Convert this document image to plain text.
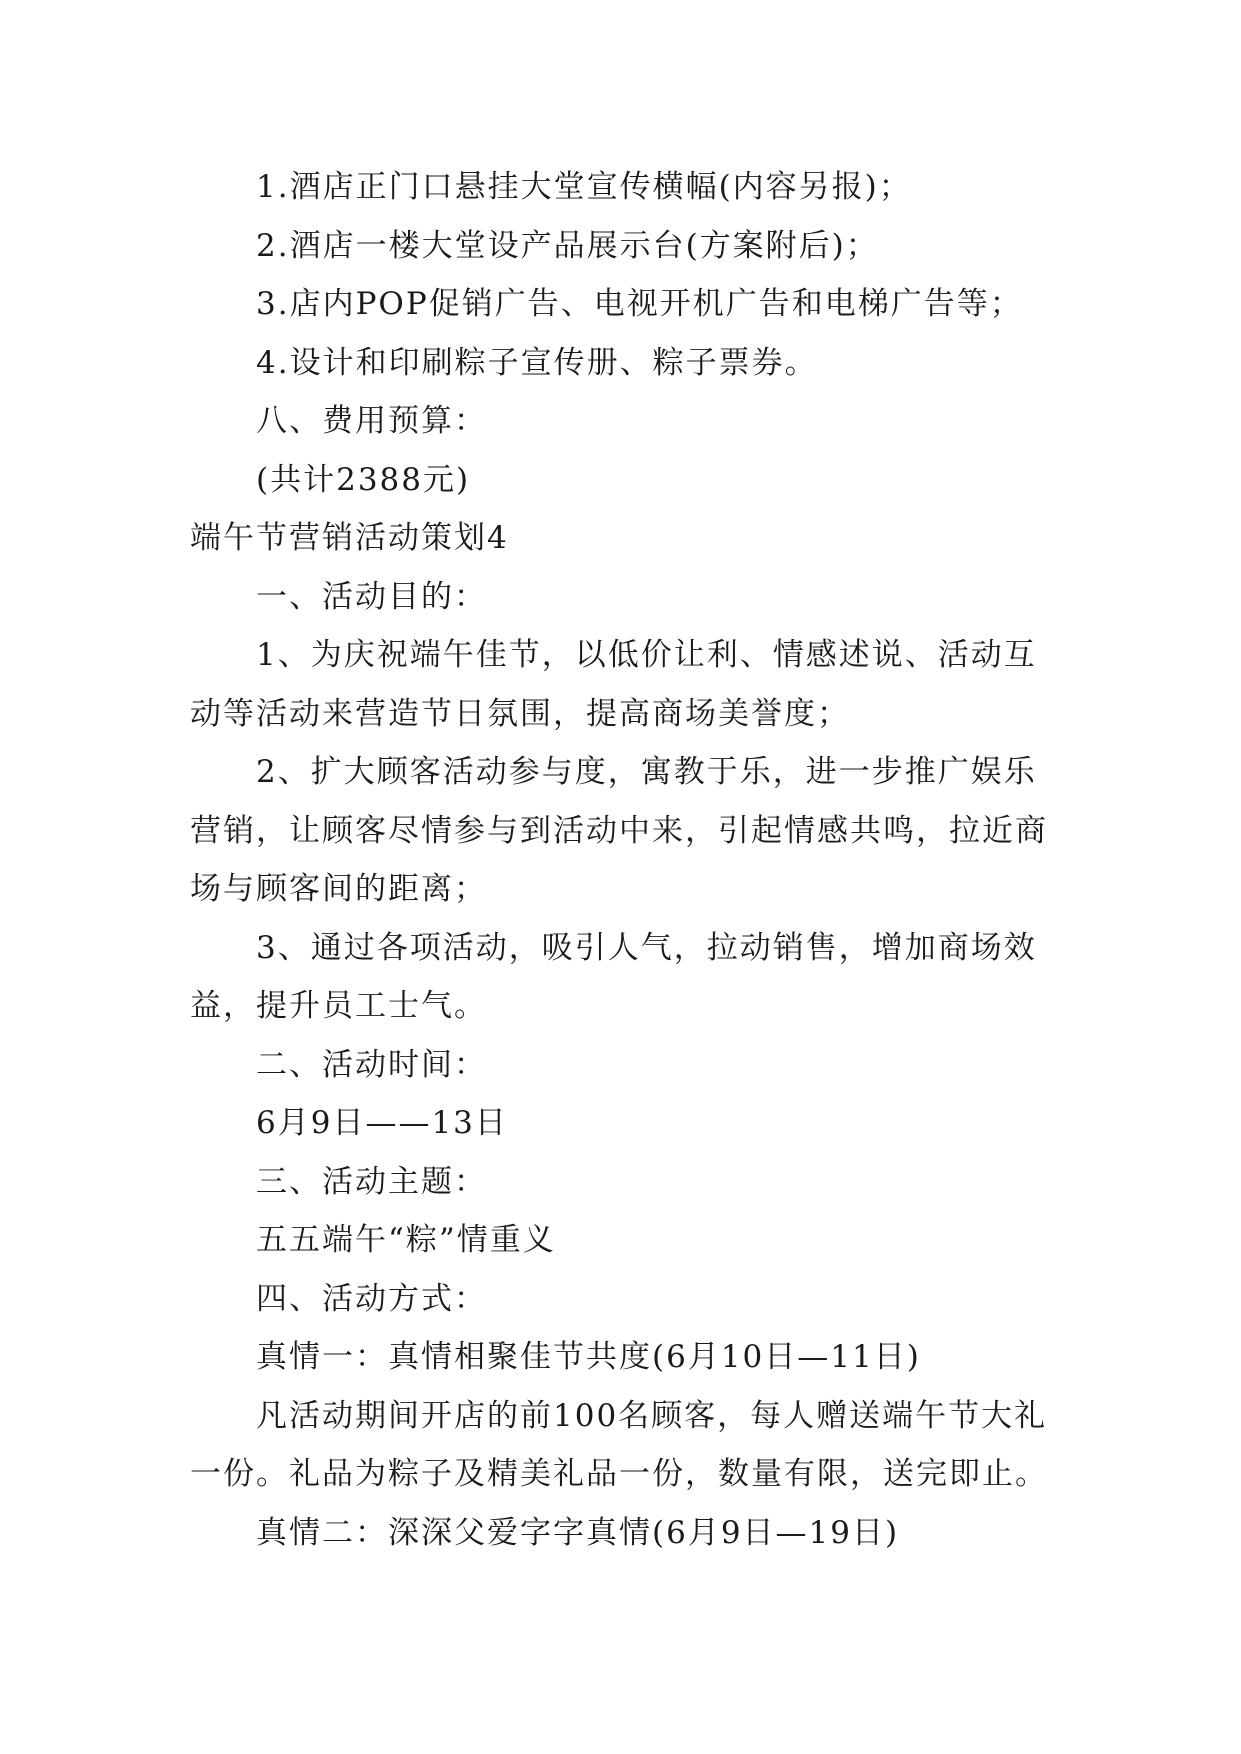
1.酒店正门口悬挂大堂宣传横幅(内容另报)；
2.酒店一楼大堂设产品展示台(方案附后)；
3.店内POP促销广告、电视开机广告和电梯广告等；
4.设计和印刷粽子宣传册、粽子票券。
八、费用预算：
(共计2388元)
端午节营销活动策划4
一、活动目的：
1、为庆祝端午佳节，以低价让利、情感述说、活动互
动等活动来营造节日氛围，提高商场美誉度；
2、扩大顾客活动参与度，寓教于乐，进一步推广娱乐
营销，让顾客尽情参与到活动中来，引起情感共鸣，拉近商
场与顾客间的距离；
3、通过各项活动，吸引人气，拉动销售，增加商场效
益，提升员工士气。
二、活动时间：
6月9日——13日
三、活动主题：
五五端午“粽”情重义
四、活动方式：
真情一：真情相聚佳节共度(6月10日—11日)
凡活动期间开店的前100名顾客，每人赠送端午节大礼
一份。礼品为粽子及精美礼品一份，数量有限，送完即止。
真情二：深深父爱字字真情(6月9日—19日)
